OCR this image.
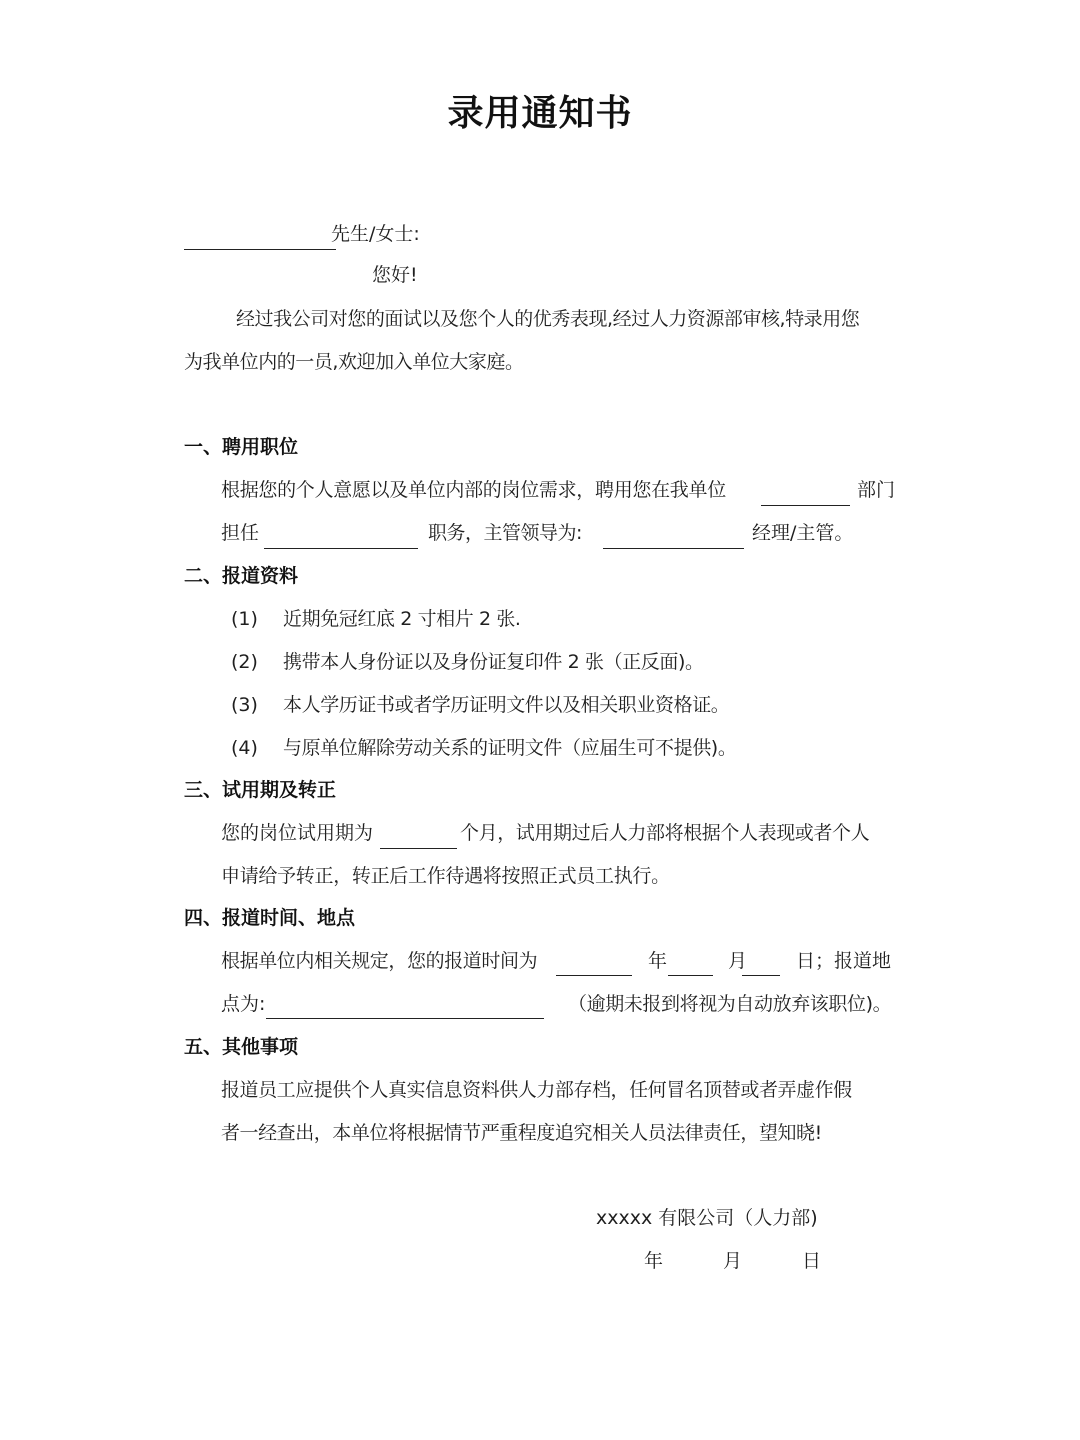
录用通知书
先生/女士:
您好!
经过我公司对您的面试以及您个人的优秀表现,经过人力资源部审核,特录用您
为我单位内的一员,欢迎加入单位大家庭。
一、聘用职位
根据您的个人意愿以及单位内部的岗位需求，聘用您在我单位	部门
担任	职务，主管领导为:	经理/主管。
二、报道资料
(1) 近期免冠红底 2 寸相片 2 张.
(2) 携带本人身份证以及身份证复印件 2 张（正反面)。
(3) 本人学历证书或者学历证明文件以及相关职业资格证。
(4) 与原单位解除劳动关系的证明文件（应届生可不提供)。
三、试用期及转正
您的岗位试用期为	个月，试用期过后人力部将根据个人表现或者个人
申请给予转正，转正后工作待遇将按照正式员工执行。
四、报道时间、地点
根据单位内相关规定，您的报道时间为	年	月	日；报道地
点为:	（逾期未报到将视为自动放弃该职位)。
五、其他事项
报道员工应提供个人真实信息资料供人力部存档，任何冒名顶替或者弄虚作假
者一经查出，本单位将根据情节严重程度追究相关人员法律责任，望知晓!
xxxxx 有限公司（人力部)
年	月	日
